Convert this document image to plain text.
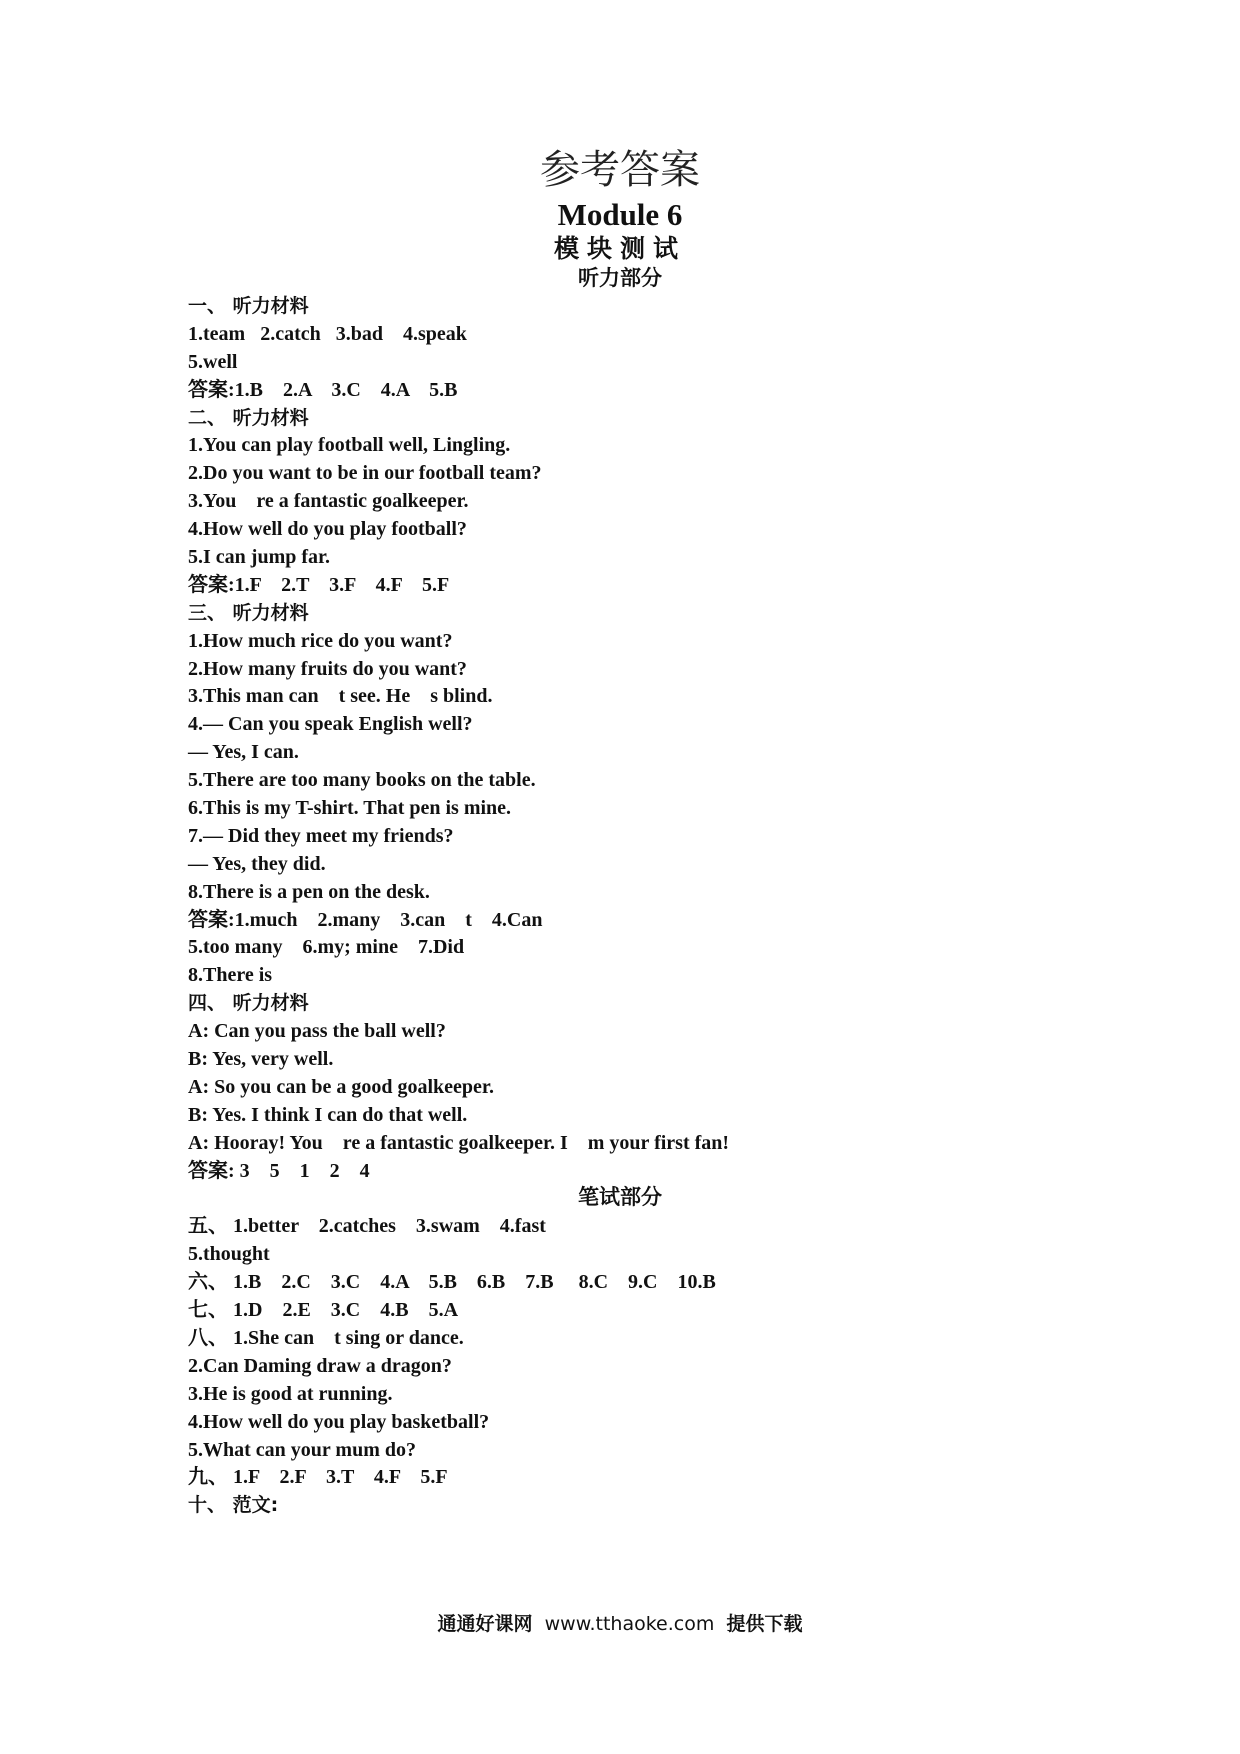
参考答案
Module 6
模块测试
听力部分
一、 听力材料
1.team   2.catch   3.bad    4.speak
5.well
答案:1.B    2.A    3.C    4.A    5.B
二、 听力材料
1.You can play football well, Lingling.
2.Do you want to be in our football team?
3.You    re a fantastic goalkeeper.
4.How well do you play football?
5.I can jump far.
答案:1.F    2.T    3.F    4.F    5.F
三、 听力材料
1.How much rice do you want?
2.How many fruits do you want?
3.This man can    t see. He    s blind.
4.— Can you speak English well?
— Yes, I can.
5.There are too many books on the table.
6.This is my T-shirt. That pen is mine.
7.— Did they meet my friends?
— Yes, they did.
8.There is a pen on the desk.
答案:1.much    2.many    3.can    t    4.Can
5.too many    6.my; mine    7.Did
8.There is
四、 听力材料
A: Can you pass the ball well?
B: Yes, very well.
A: So you can be a good goalkeeper.
B: Yes. I think I can do that well.
A: Hooray! You    re a fantastic goalkeeper. I    m your first fan!
答案: 3    5    1    2    4
五、 1.better    2.catches    3.swam    4.fast
5.thought
六、 1.B    2.C    3.C    4.A    5.B    6.B    7.B     8.C    9.C    10.B
七、 1.D    2.E    3.C    4.B    5.A
八、 1.She can    t sing or dance.
2.Can Daming draw a dragon?
3.He is good at running.
4.How well do you play basketball?
5.What can your mum do?
九、 1.F    2.F    3.T    4.F    5.F
十、 范文:
笔试部分
通通好课网 www.tthaoke.com 提供下载
